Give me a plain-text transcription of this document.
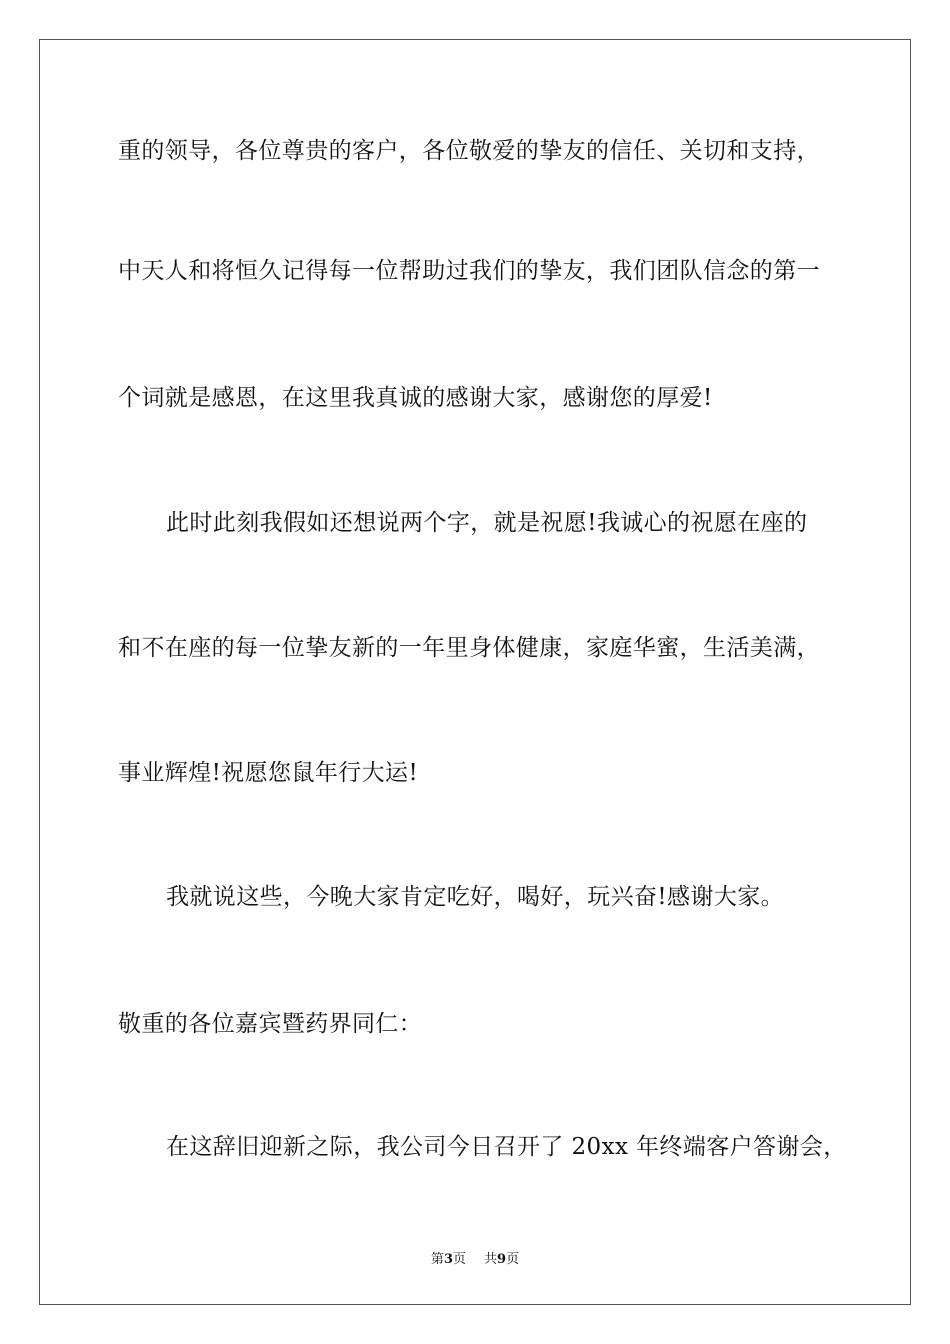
重的领导，各位尊贵的客户，各位敬爱的挚友的信任、关切和支持，
中天人和将恒久记得每一位帮助过我们的挚友，我们团队信念的第一
个词就是感恩，在这里我真诚的感谢大家，感谢您的厚爱!
此时此刻我假如还想说两个字，就是祝愿!我诚心的祝愿在座的
和不在座的每一位挚友新的一年里身体健康，家庭华蜜，生活美满，
事业辉煌!祝愿您鼠年行大运!
我就说这些，今晚大家肯定吃好，喝好，玩兴奋!感谢大家。
敬重的各位嘉宾暨药界同仁：
在这辞旧迎新之际，我公司今日召开了 20xx 年终端客户答谢会，
第3页 共9页
